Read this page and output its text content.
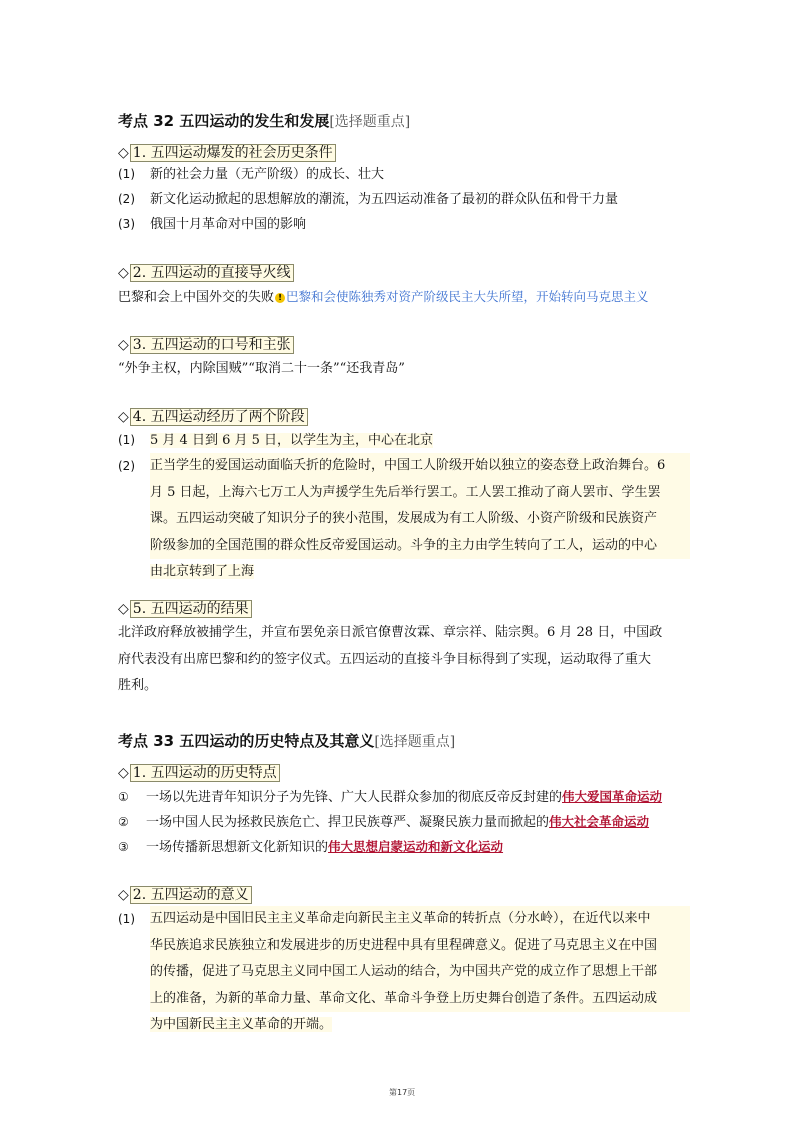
考点 32 五四运动的发生和发展[选择题重点]
◇ 1. 五四运动爆发的社会历史条件
(1) 新的社会力量（无产阶级）的成长、壮大
(2) 新文化运动掀起的思想解放的潮流，为五四运动准备了最初的群众队伍和骨干力量
(3) 俄国十月革命对中国的影响
◇ 2. 五四运动的直接导火线
巴黎和会上中国外交的失败 ! 巴黎和会使陈独秀对资产阶级民主大失所望，开始转向马克思主义
◇ 3. 五四运动的口号和主张
“外争主权，内除国贼”“取消二十一条”“还我青岛”
◇ 4. 五四运动经历了两个阶段
(1) 5 月 4 日到 6 月 5 日，以学生为主，中心在北京
(2)	正当学生的爱国运动面临夭折的危险时，中国工人阶级开始以独立的姿态登上政治舞台。6
月 5 日起，上海六七万工人为声援学生先后举行罢工。工人罢工推动了商人罢市、学生罢
课。五四运动突破了知识分子的狭小范围，发展成为有工人阶级、小资产阶级和民族资产
阶级参加的全国范围的群众性反帝爱国运动。斗争的主力由学生转向了工人，运动的中心
由北京转到了上海
◇ 5. 五四运动的结果
北洋政府释放被捕学生，并宣布罢免亲日派官僚曹汝霖、章宗祥、陆宗舆。6 月 28 日，中国政
府代表没有出席巴黎和约的签字仪式。五四运动的直接斗争目标得到了实现，运动取得了重大
胜利。
考点 33 五四运动的历史特点及其意义[选择题重点]
◇ 1. 五四运动的历史特点
① 一场以先进青年知识分子为先锋、广大人民群众参加的彻底反帝反封建的伟大爱国革命运动
② 一场中国人民为拯救民族危亡、捍卫民族尊严、凝聚民族力量而掀起的伟大社会革命运动
③ 一场传播新思想新文化新知识的伟大思想启蒙运动和新文化运动
◇ 2. 五四运动的意义
(1)	五四运动是中国旧民主主义革命走向新民主主义革命的转折点（分水岭），在近代以来中
华民族追求民族独立和发展进步的历史进程中具有里程碑意义。促进了马克思主义在中国
的传播，促进了马克思主义同中国工人运动的结合，为中国共产党的成立作了思想上干部
上的准备，为新的革命力量、革命文化、革命斗争登上历史舞台创造了条件。五四运动成
为中国新民主主义革命的开端。
第17页
